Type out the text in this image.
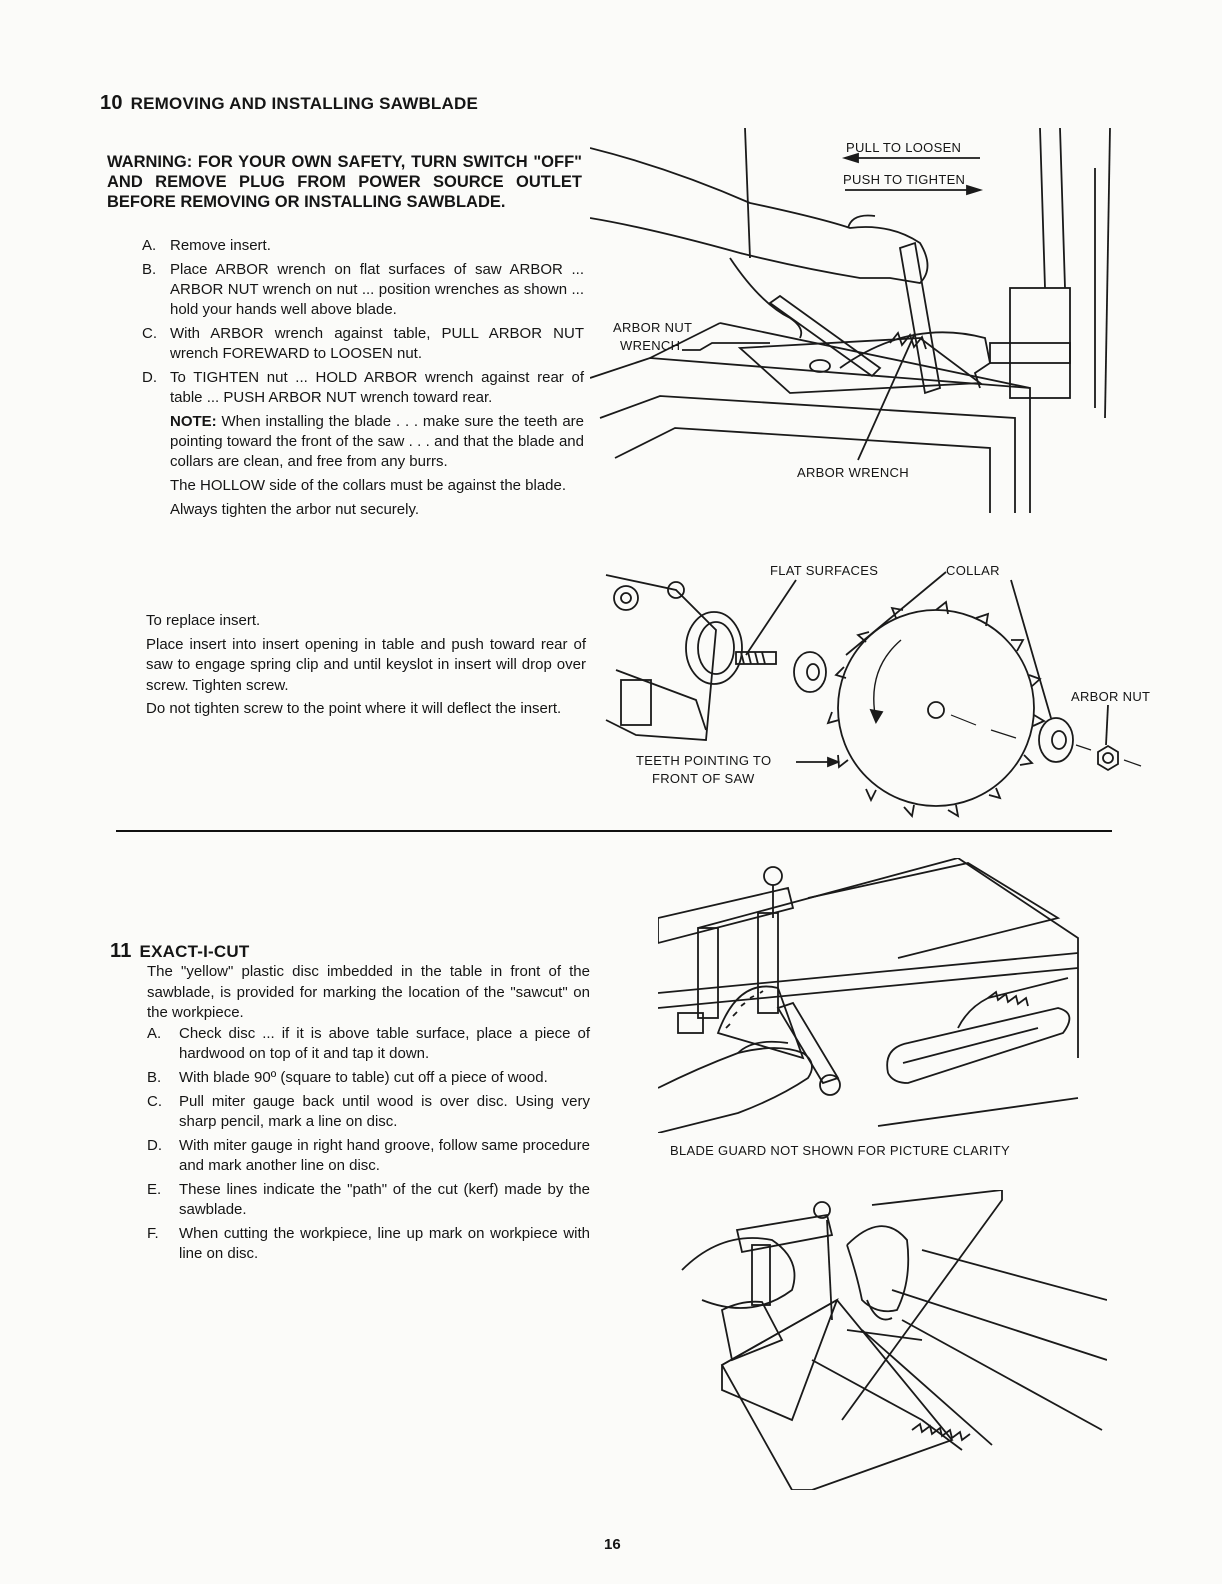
10 REMOVING AND INSTALLING SAWBLADE
WARNING: FOR YOUR OWN SAFETY, TURN SWITCH "OFF" AND REMOVE PLUG FROM POWER SOURCE OUTLET BEFORE REMOVING OR INSTALLING SAWBLADE.
A. Remove insert.
B. Place ARBOR wrench on flat surfaces of saw ARBOR ... ARBOR NUT wrench on nut ... position wrenches as shown ... hold your hands well above blade.
C. With ARBOR wrench against table, PULL ARBOR NUT wrench FOREWARD to LOOSEN nut.
D. To TIGHTEN nut ... HOLD ARBOR wrench against rear of table ... PUSH ARBOR NUT wrench toward rear.
NOTE: When installing the blade . . . make sure the teeth are pointing toward the front of the saw . . . and that the blade and collars are clean, and free from any burrs.
The HOLLOW side of the collars must be against the blade.
Always tighten the arbor nut securely.
To replace insert.
Place insert into insert opening in table and push toward rear of saw to engage spring clip and until keyslot in insert will drop over screw. Tighten screw.
Do not tighten screw to the point where it will deflect the insert.
PULL TO LOOSEN
PUSH TO TIGHTEN
ARBOR NUT
WRENCH
ARBOR WRENCH
FLAT SURFACES	COLLAR
ARBOR NUT
TEETH POINTING TO
FRONT OF SAW
11 EXACT-I-CUT
The "yellow" plastic disc imbedded in the table in front of the sawblade, is provided for marking the location of the "sawcut" on the workpiece.
A.	Check disc ... if it is above table surface, place a piece of hardwood on top of it and tap it down.
B.	With blade 90º (square to table) cut off a piece of wood.
C.	Pull miter gauge back until wood is over disc. Using very sharp pencil, mark a line on disc.
D.	With miter gauge in right hand groove, follow same procedure and mark another line on disc.
E.	These lines indicate the "path" of the cut (kerf) made by the sawblade.
F.	When cutting the workpiece, line up mark on workpiece with line on disc.
BLADE GUARD NOT SHOWN FOR PICTURE CLARITY
16
